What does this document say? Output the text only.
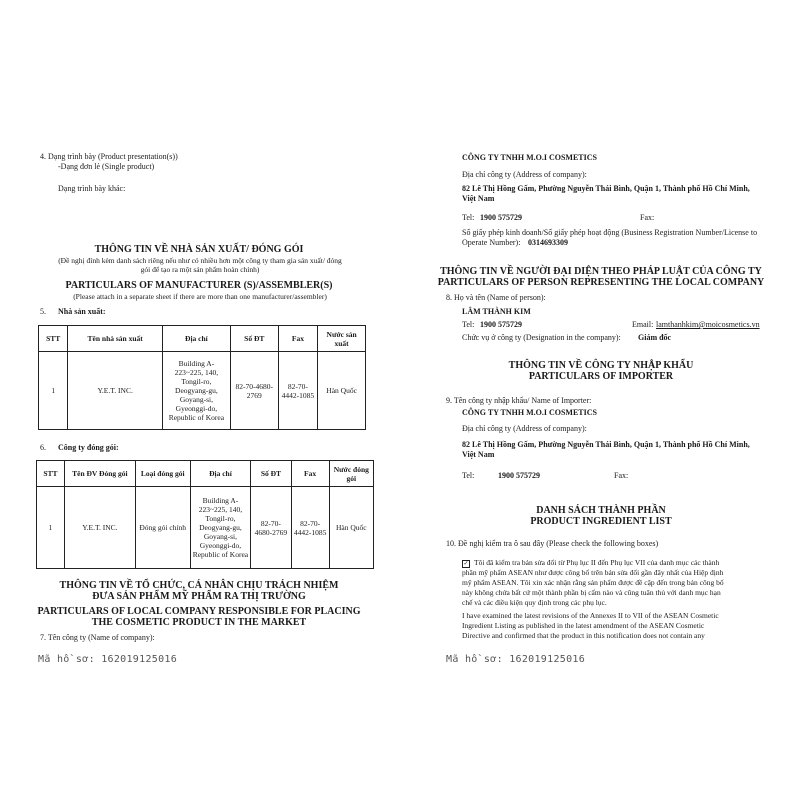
4. Dạng trình bày (Product presentation(s))
-Dạng đơn lẻ (Single product)
Dạng trình bày khác:
THÔNG TIN VỀ NHÀ SẢN XUẤT/ ĐÓNG GÓI
(Đề nghị đính kèm danh sách riêng nếu như có nhiều hơn một công ty tham gia sản xuất/ đóng
gói để tạo ra một sản phẩm hoàn chỉnh)
PARTICULARS OF MANUFACTURER (S)/ASSEMBLER(S)
(Please attach in a separate sheet if there are more than one manufacturer/assembler)
5. Nhà sản xuất:
STT	Tên nhà sản xuất	Địa chỉ	Số ĐT	Fax	Nước sản xuất
1	Y.E.T. INC.	Building A-223~225, 140, Tongil-ro, Deogyang-gu, Goyang-si, Gyeonggi-do, Republic of Korea	82-70-4680-2769	82-70-4442-1085	Hàn Quốc
6. Công ty đóng gói:
STT	Tên ĐV Đóng gói	Loại đóng gói	Địa chỉ	Số ĐT	Fax	Nước đóng gói
1	Y.E.T. INC.	Đóng gói chính	Building A-223~225, 140, Tongil-ro, Deogyang-gu, Goyang-si, Gyeonggi-do, Republic of Korea	82-70-4680-2769	82-70-4442-1085	Hàn Quốc
THÔNG TIN VỀ TỔ CHỨC, CÁ NHÂN CHỊU TRÁCH NHIỆM
ĐƯA SẢN PHẨM MỸ PHẨM RA THỊ TRƯỜNG
PARTICULARS OF LOCAL COMPANY RESPONSIBLE FOR PLACING
THE COSMETIC PRODUCT IN THE MARKET
7. Tên công ty (Name of company):
Mã hồ sơ: 162019125016
CÔNG TY TNHH M.O.I COSMETICS
Địa chỉ công ty (Address of company):
82 Lê Thị Hồng Gấm, Phường Nguyễn Thái Bình, Quận 1, Thành phố Hồ Chí Minh,
Việt Nam
Tel: 1900 575729	Fax:
Số giấy phép kinh doanh/Số giấy phép hoạt động (Business Registration Number/License to
Operate Number): 0314693309
THÔNG TIN VỀ NGƯỜI ĐẠI DIỆN THEO PHÁP LUẬT CỦA CÔNG TY
PARTICULARS OF PERSON REPRESENTING THE LOCAL COMPANY
8. Họ và tên (Name of person):
LÂM THÀNH KIM
Tel: 1900 575729	Email: lamthanhkim@moicosmetics.vn
Chức vụ ở công ty (Designation in the company): Giám đốc
THÔNG TIN VỀ CÔNG TY NHẬP KHẨU
PARTICULARS OF IMPORTER
9. Tên công ty nhập khẩu/ Name of Importer:
CÔNG TY TNHH M.O.I COSMETICS
Địa chỉ công ty (Address of company):
82 Lê Thị Hồng Gấm, Phường Nguyễn Thái Bình, Quận 1, Thành phố Hồ Chí Minh,
Việt Nam
Tel:	1900 575729	Fax:
DANH SÁCH THÀNH PHẦN
PRODUCT INGREDIENT LIST
10. Đề nghị kiểm tra ô sau đây (Please check the following boxes)
✓ Tôi đã kiểm tra bản sửa đổi từ Phụ lục II đến Phụ lục VII của danh mục các thành
phần mỹ phẩm ASEAN như được công bố trên bản sửa đổi gần đây nhất của Hiệp định
mỹ phẩm ASEAN. Tôi xin xác nhận rằng sản phẩm được đề cập đến trong bản công bố
này không chứa bất cứ một thành phần bị cấm nào và cũng tuân thủ với danh mục hạn
chế và các điều kiện quy định trong các phụ lục.
I have examined the latest revisions of the Annexes II to VII of the ASEAN Cosmetic
Ingredient Listing as published in the latest amendment of the ASEAN Cosmetic
Directive and confirmed that the product in this notification does not contain any
Mã hồ sơ: 162019125016
